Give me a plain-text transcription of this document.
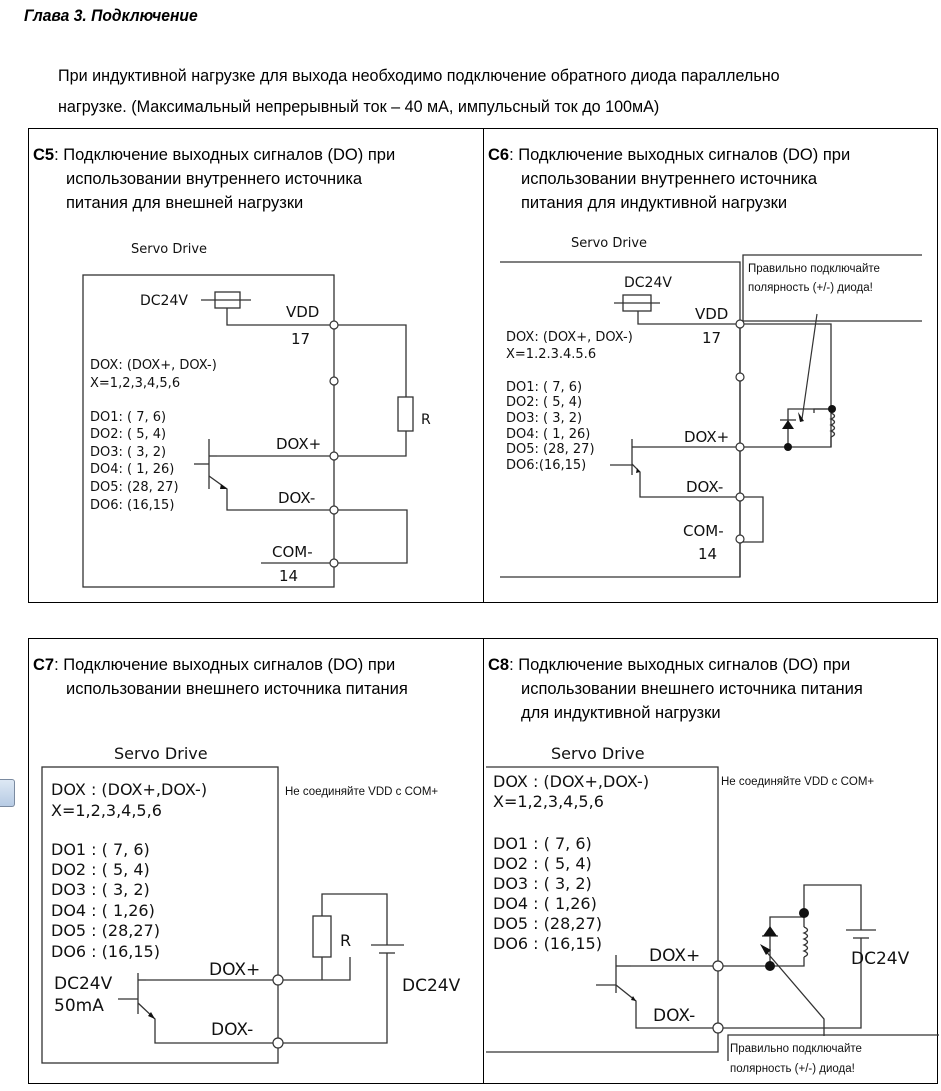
Глава 3. Подключение
При индуктивной нагрузке для выхода необходимо подключение обратного диода параллельно
нагрузке. (Максимальный непрерывный ток – 40 мА, импульсный ток до 100мА)
C5: Подключение выходных сигналов (DO) при
использовании внутреннего источника
питания для внешней нагрузки
Servo Drive
DC24V
VDD
17
DOX: (DOX+, DOX-)
X=1,2,3,4,5,6
DO1: ( 7, 6)
DO2: ( 5, 4)
DO3: ( 3, 2)
DO4: ( 1, 26)
DO5: (28, 27)
DO6: (16,15)
DOX+
DOX-
COM-
14
R
C6: Подключение выходных сигналов (DO) при
использовании внутреннего источника
питания для индуктивной нагрузки
Servo Drive
DC24V
VDD
17
DOX: (DOX+, DOX-)
X=1.2.3.4.5.6
DO1: ( 7, 6)
DO2: ( 5, 4)
DO3: ( 3, 2)
DO4: ( 1, 26)
DO5: (28, 27)
DO6:(16,15)
DOX+
DOX-
COM-
14
Правильно подключайте
полярность (+/-) диода!
C7: Подключение выходных сигналов (DO) при
использовании внешнего источника питания
Servo Drive
DOX : (DOX+,DOX-)
X=1,2,3,4,5,6
DO1 : ( 7, 6)
DO2 : ( 5, 4)
DO3 : ( 3, 2)
DO4 : ( 1,26)
DO5 : (28,27)
DO6 : (16,15)
DC24V
50mA
DOX+
DOX-
R
DC24V
Не соединяйте VDD с COM+
C8: Подключение выходных сигналов (DO) при
использовании внешнего источника питания
для индуктивной нагрузки
Servo Drive
DOX : (DOX+,DOX-)
X=1,2,3,4,5,6
DO1 : ( 7, 6)
DO2 : ( 5, 4)
DO3 : ( 3, 2)
DO4 : ( 1,26)
DO5 : (28,27)
DO6 : (16,15)
DOX+
DOX-
DC24V
Не соединяйте VDD с COM+
Правильно подключайте
полярность (+/-) диода!
